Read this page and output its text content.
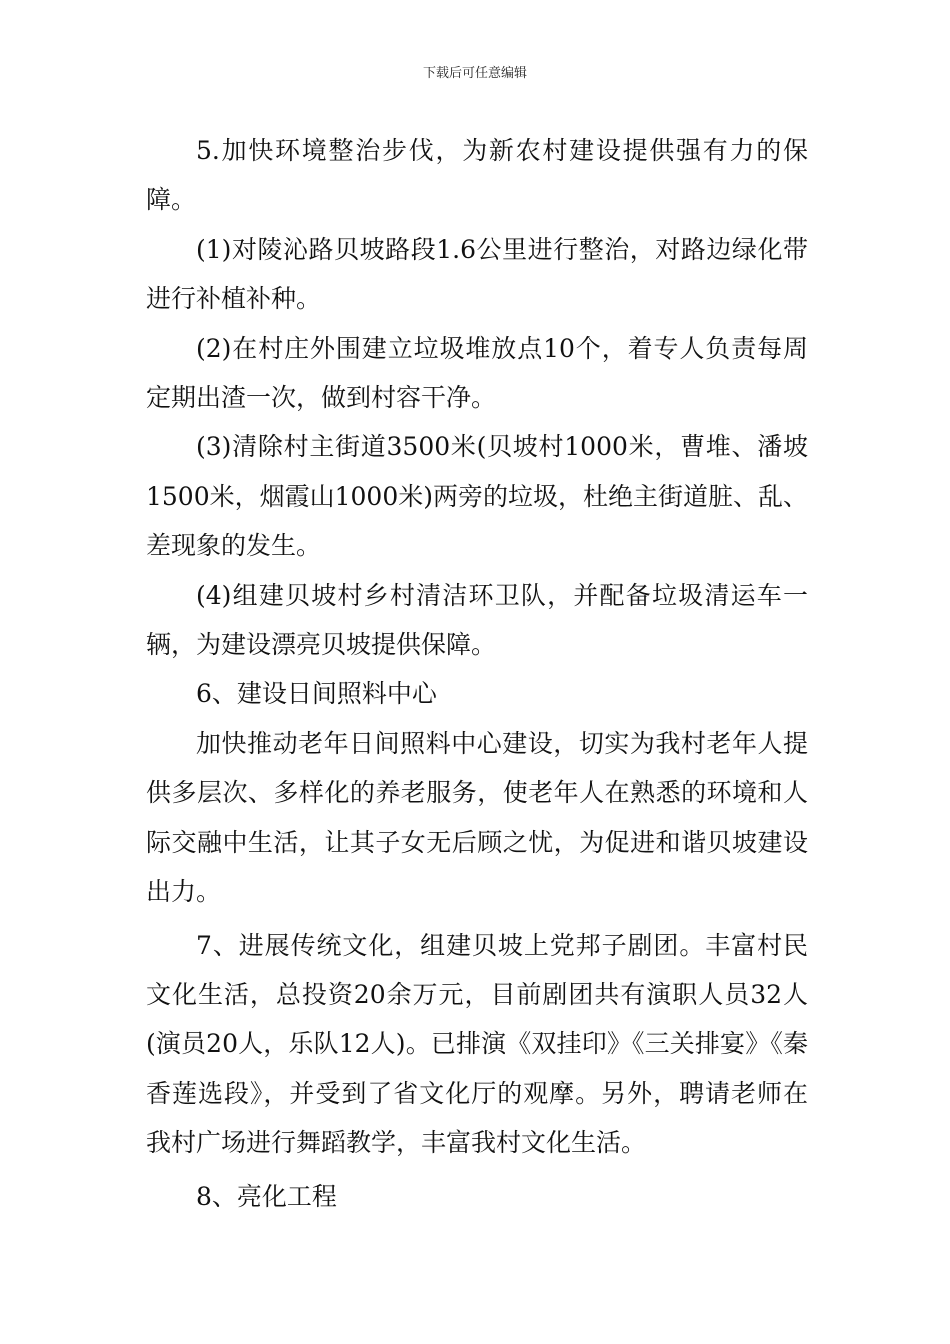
下载后可任意编辑

5.加快环境整治步伐，为新农村建设提供强有力的保障。

(1)对陵沁路贝坡路段1.6公里进行整治，对路边绿化带进行补植补种。

(2)在村庄外围建立垃圾堆放点10个，着专人负责每周定期出渣一次，做到村容干净。

(3)清除村主街道3500米(贝坡村1000米，曹堆、潘坡1500米，烟霞山1000米)两旁的垃圾，杜绝主街道脏、乱、差现象的发生。

(4)组建贝坡村乡村清洁环卫队，并配备垃圾清运车一辆，为建设漂亮贝坡提供保障。

6、建设日间照料中心

加快推动老年日间照料中心建设，切实为我村老年人提供多层次、多样化的养老服务，使老年人在熟悉的环境和人际交融中生活，让其子女无后顾之忧，为促进和谐贝坡建设出力。

7、进展传统文化，组建贝坡上党邦子剧团。丰富村民文化生活，总投资20余万元，目前剧团共有演职人员32人(演员20人，乐队12人)。已排演《双挂印》《三关排宴》《秦香莲选段》，并受到了省文化厅的观摩。另外，聘请老师在我村广场进行舞蹈教学，丰富我村文化生活。

8、亮化工程
